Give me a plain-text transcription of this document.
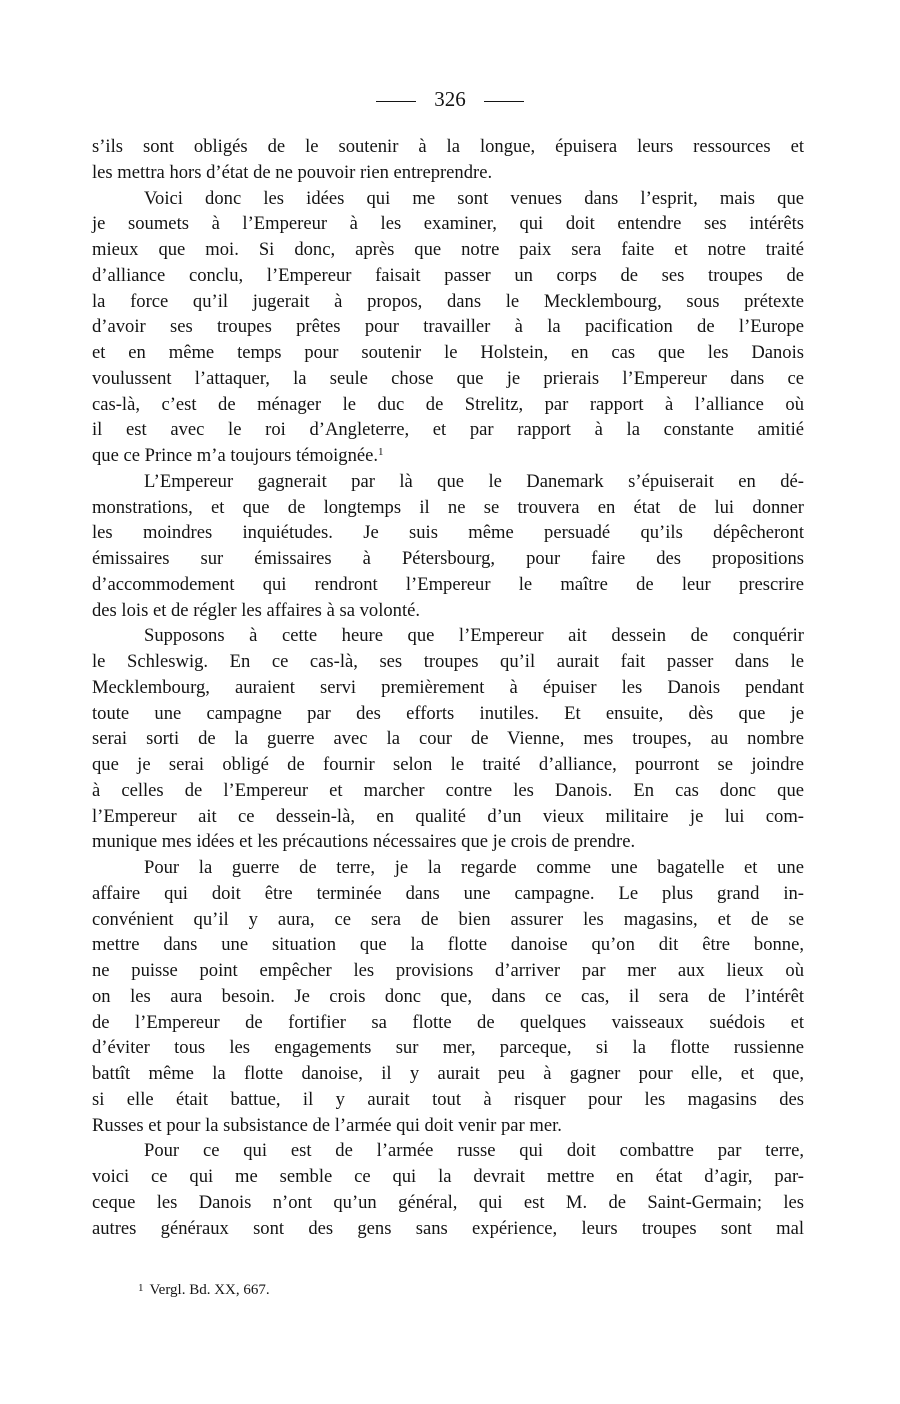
326
s’ils sont obligés de le soutenir à la longue, épuisera leurs ressources et
les mettra hors d’état de ne pouvoir rien entreprendre.
Voici donc les idées qui me sont venues dans l’esprit, mais que
je soumets à l’Empereur à les examiner, qui doit entendre ses intérêts
mieux que moi. Si donc, après que notre paix sera faite et notre traité
d’alliance conclu, l’Empereur faisait passer un corps de ses troupes de
la force qu’il jugerait à propos, dans le Mecklembourg, sous prétexte
d’avoir ses troupes prêtes pour travailler à la pacification de l’Europe
et en même temps pour soutenir le Holstein, en cas que les Danois
voulussent l’attaquer, la seule chose que je prierais l’Empereur dans ce
cas-là, c’est de ménager le duc de Strelitz, par rapport à l’alliance où
il est avec le roi d’Angleterre, et par rapport à la constante amitié
que ce Prince m’a toujours témoignée.$^1$
L’Empereur gagnerait par là que le Danemark s’épuiserait en dé-
monstrations, et que de longtemps il ne se trouvera en état de lui donner
les moindres inquiétudes. Je suis même persuadé qu’ils dépêcheront
émissaires sur émissaires à Pétersbourg, pour faire des propositions
d’accommodement qui rendront l’Empereur le maître de leur prescrire
des lois et de régler les affaires à sa volonté.
Supposons à cette heure que l’Empereur ait dessein de conquérir
le Schleswig. En ce cas-là, ses troupes qu’il aurait fait passer dans le
Mecklembourg, auraient servi premièrement à épuiser les Danois pendant
toute une campagne par des efforts inutiles. Et ensuite, dès que je
serai sorti de la guerre avec la cour de Vienne, mes troupes, au nombre
que je serai obligé de fournir selon le traité d’alliance, pourront se joindre
à celles de l’Empereur et marcher contre les Danois. En cas donc que
l’Empereur ait ce dessein-là, en qualité d’un vieux militaire je lui com-
munique mes idées et les précautions nécessaires que je crois de prendre.
Pour la guerre de terre, je la regarde comme une bagatelle et une
affaire qui doit être terminée dans une campagne. Le plus grand in-
convénient qu’il y aura, ce sera de bien assurer les magasins, et de se
mettre dans une situation que la flotte danoise qu’on dit être bonne,
ne puisse point empêcher les provisions d’arriver par mer aux lieux où
on les aura besoin. Je crois donc que, dans ce cas, il sera de l’intérêt
de l’Empereur de fortifier sa flotte de quelques vaisseaux suédois et
d’éviter tous les engagements sur mer, parceque, si la flotte russienne
battît même la flotte danoise, il y aurait peu à gagner pour elle, et que,
si elle était battue, il y aurait tout à risquer pour les magasins des
Russes et pour la subsistance de l’armée qui doit venir par mer.
Pour ce qui est de l’armée russe qui doit combattre par terre,
voici ce qui me semble ce qui la devrait mettre en état d’agir, par-
ceque les Danois n’ont qu’un général, qui est M. de Saint-Germain; les
autres généraux sont des gens sans expérience, leurs troupes sont mal
$^1$ Vergl. Bd. XX, 667.
